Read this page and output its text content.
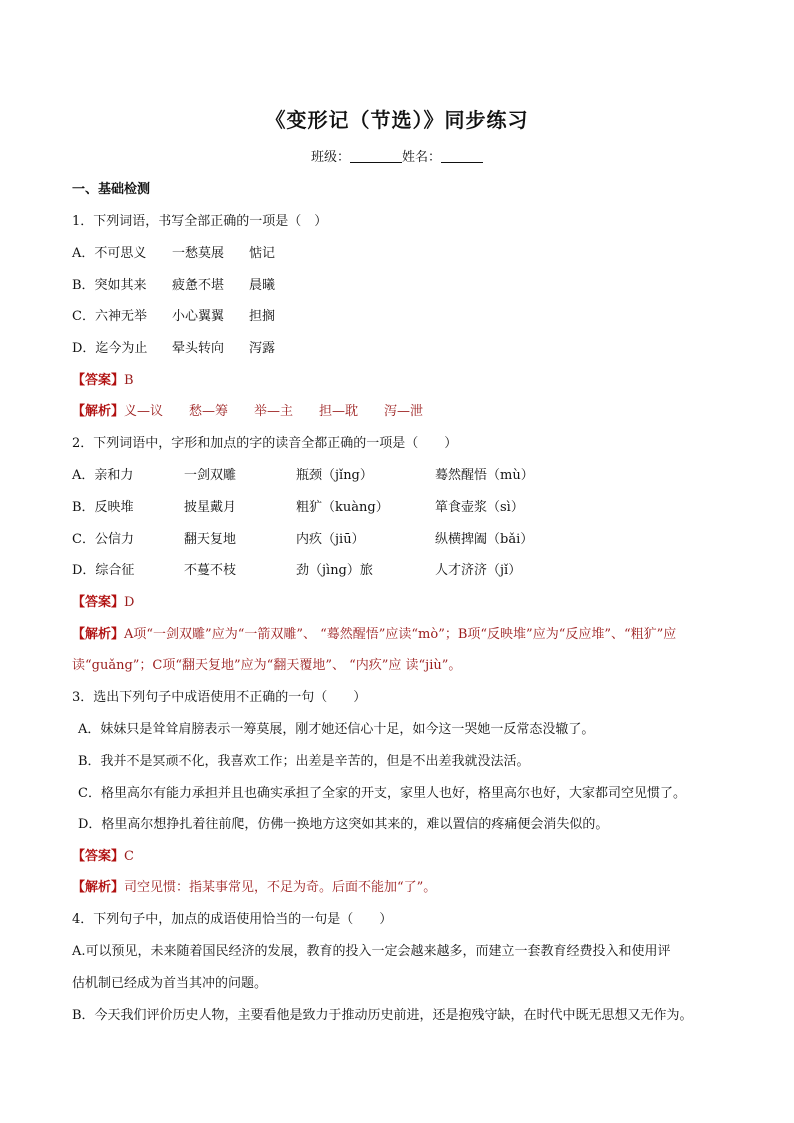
《变形记（节选）》同步练习
班级：	姓名：
一、基础检测
1．下列词语，书写全部正确的一项是（　）
A．不可思义 一愁莫展 惦记
B．突如其来 疲惫不堪 晨曦
C．六神无举 小心翼翼 担搁
D．迄今为止 晕头转向 泻露
【答案】B
【解析】义—议　　愁—筹　　举—主　　担—耽　　泻—泄
2．下列词语中，字形和加点的字的读音全都正确的一项是（　　）
A．亲和力	一剑双雕	瓶颈（jǐng）	蓦然醒悟（mù）
B．反映堆	披星戴月	粗犷（kuàng）	箪食壶浆（sì）
C．公信力	翻天复地	内疚（jiū）	纵横捭阖（bǎi）
D．综合征	不蔓不枝	劲（jìng）旅	人才济济（jǐ）
【答案】D
【解析】A项“一剑双雕”应为“一箭双雕”、 “蓦然醒悟”应读“mò”；B项“反映堆”应为“反应堆”、“粗犷”应
读“guǎng”；C项“翻天复地”应为“翻天覆地”、 “内疚”应 读“jiù”。
3．选出下列句子中成语使用不正确的一句（　　）
A．妹妹只是耸耸肩膀表示一筹莫展，刚才她还信心十足，如今这一哭她一反常态没辙了。
B．我并不是冥顽不化，我喜欢工作；出差是辛苦的，但是不出差我就没法活。
C．格里高尔有能力承担并且也确实承担了全家的开支，家里人也好，格里高尔也好，大家都司空见惯了。
D．格里高尔想挣扎着往前爬，仿佛一换地方这突如其来的，难以置信的疼痛便会消失似的。
【答案】C
【解析】司空见惯：指某事常见，不足为奇。后面不能加“了”。
4．下列句子中，加点的成语使用恰当的一句是（　　）
A.可以预见，未来随着国民经济的发展，教育的投入一定会越来越多，而建立一套教育经费投入和使用评
估机制已经成为首当其冲的问题。
B．今天我们评价历史人物，主要看他是致力于推动历史前进，还是抱残守缺，在时代中既无思想又无作为。
